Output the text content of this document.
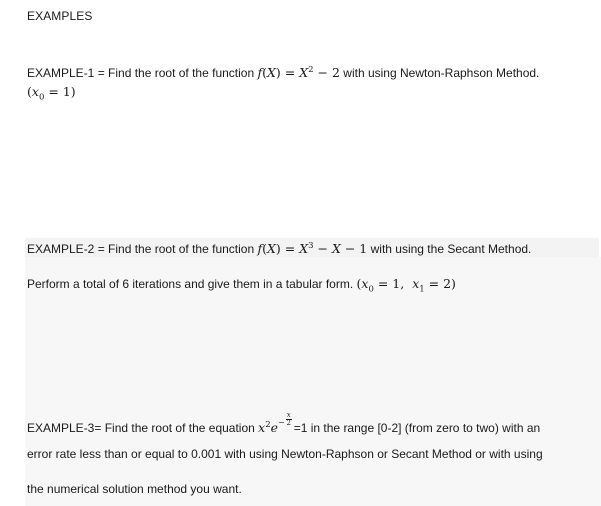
EXAMPLES
EXAMPLE-1 = Find the root of the function $f(X) = X^2 - 2$ with using Newton-Raphson Method.
$(x_0 = 1)$
EXAMPLE-2 = Find the root of the function $f(X) = X^3 - X - 1$ with using the Secant Method.
Perform a total of 6 iterations and give them in a tabular form. ($x_0 = 1$,  $x_1 = 2$)
EXAMPLE-3= Find the root of the equation $x^2e^- \frac{x}{2}$
=1 in the range [0-2] (from zero to two) with an
error rate less than or equal to 0.001 with using Newton-Raphson or Secant Method or with using
the numerical solution method you want.
